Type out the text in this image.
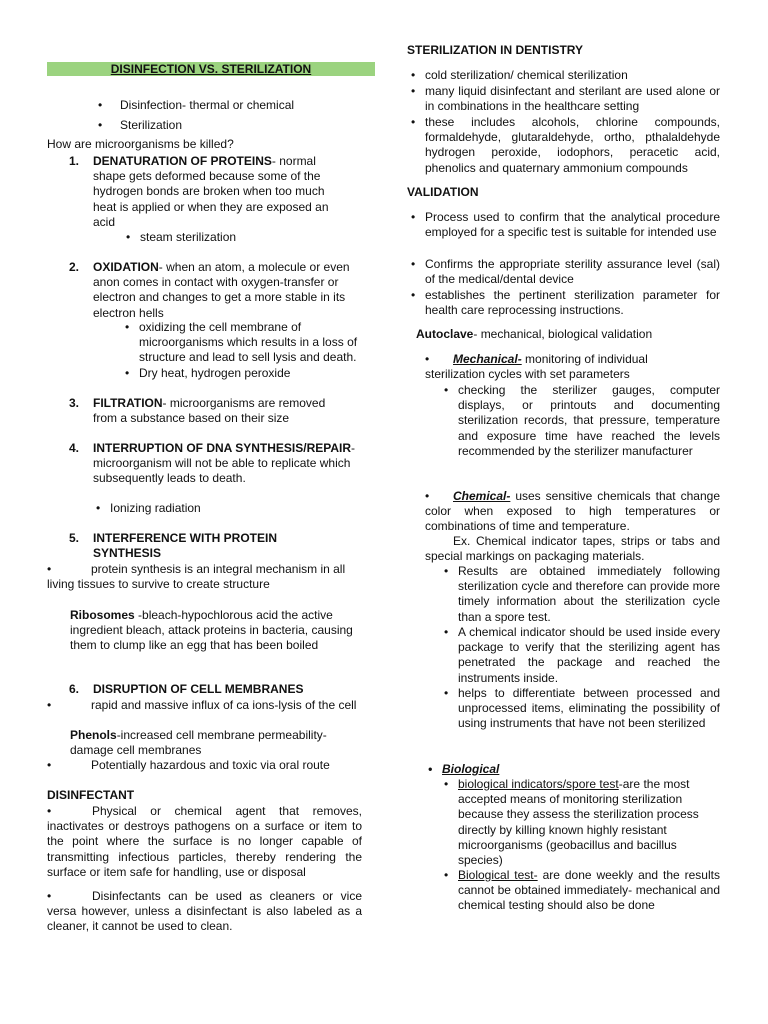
DISINFECTION VS. STERILIZATION
• Disinfection- thermal or chemical
• Sterilization
How are microorganisms be killed?
1.	DENATURATION OF PROTEINS- normal shape gets deformed because some of the hydrogen bonds are broken when too much heat is applied or when they are exposed an acid
• steam sterilization
2.	OXIDATION- when an atom, a molecule or even anon comes in contact with oxygen-transfer or electron and changes to get a more stable in its electron hells
• oxidizing the cell membrane of microorganisms which results in a loss of structure and lead to sell lysis and death.
• Dry heat, hydrogen peroxide
3.	FILTRATION- microorganisms are removed from a substance based on their size
4.	INTERRUPTION OF DNA SYNTHESIS/REPAIR- microorganism will not be able to replicate which subsequently leads to death.
• Ionizing radiation
5.	INTERFERENCE WITH PROTEIN SYNTHESIS
•	protein synthesis is an integral mechanism in all living tissues to survive to create structure
Ribosomes -bleach-hypochlorous acid the active ingredient bleach, attack proteins in bacteria, causing them to clump like an egg that has been boiled
6.	DISRUPTION OF CELL MEMBRANES
•	rapid and massive influx of ca ions-lysis of the cell
Phenols-increased cell membrane permeability-damage cell membranes
•	Potentially hazardous and toxic via oral route
DISINFECTANT
•	Physical or chemical agent that removes, inactivates or destroys pathogens on a surface or item to the point where the surface is no longer capable of transmitting infectious particles, thereby rendering the surface or item safe for handling, use or disposal
•	Disinfectants can be used as cleaners or vice versa however, unless a disinfectant is also labeled as a cleaner, it cannot be used to clean.
STERILIZATION IN DENTISTRY
• cold sterilization/ chemical sterilization
• many liquid disinfectant and sterilant are used alone or in combinations in the healthcare setting
• these includes alcohols, chlorine compounds, formaldehyde, glutaraldehyde, ortho, pthalaldehyde hydrogen peroxide, iodophors, peracetic acid, phenolics and quaternary ammonium compounds
VALIDATION
• Process used to confirm that the analytical procedure employed for a specific test is suitable for intended use
• Confirms the appropriate sterility assurance level (sal) of the medical/dental device
• establishes the pertinent sterilization parameter for health care reprocessing instructions.
Autoclave- mechanical, biological validation
• Mechanical- monitoring of individual sterilization cycles with set parameters
• checking the sterilizer gauges, computer displays, or printouts and documenting sterilization records, that pressure, temperature and exposure time have reached the levels recommended by the sterilizer manufacturer
• Chemical- uses sensitive chemicals that change color when exposed to high temperatures or combinations of time and temperature.
Ex. Chemical indicator tapes, strips or tabs and special markings on packaging materials.
• Results are obtained immediately following sterilization cycle and therefore can provide more timely information about the sterilization cycle than a spore test.
• A chemical indicator should be used inside every package to verify that the sterilizing agent has penetrated the package and reached the instruments inside.
• helps to differentiate between processed and unprocessed items, eliminating the possibility of using instruments that have not been sterilized
• Biological
• biological indicators/spore test-are the most accepted means of monitoring sterilization because they assess the sterilization process directly by killing known highly resistant microorganisms (geobacillus and bacillus species)
• Biological test- are done weekly and the results cannot be obtained immediately- mechanical and chemical testing should also be done
